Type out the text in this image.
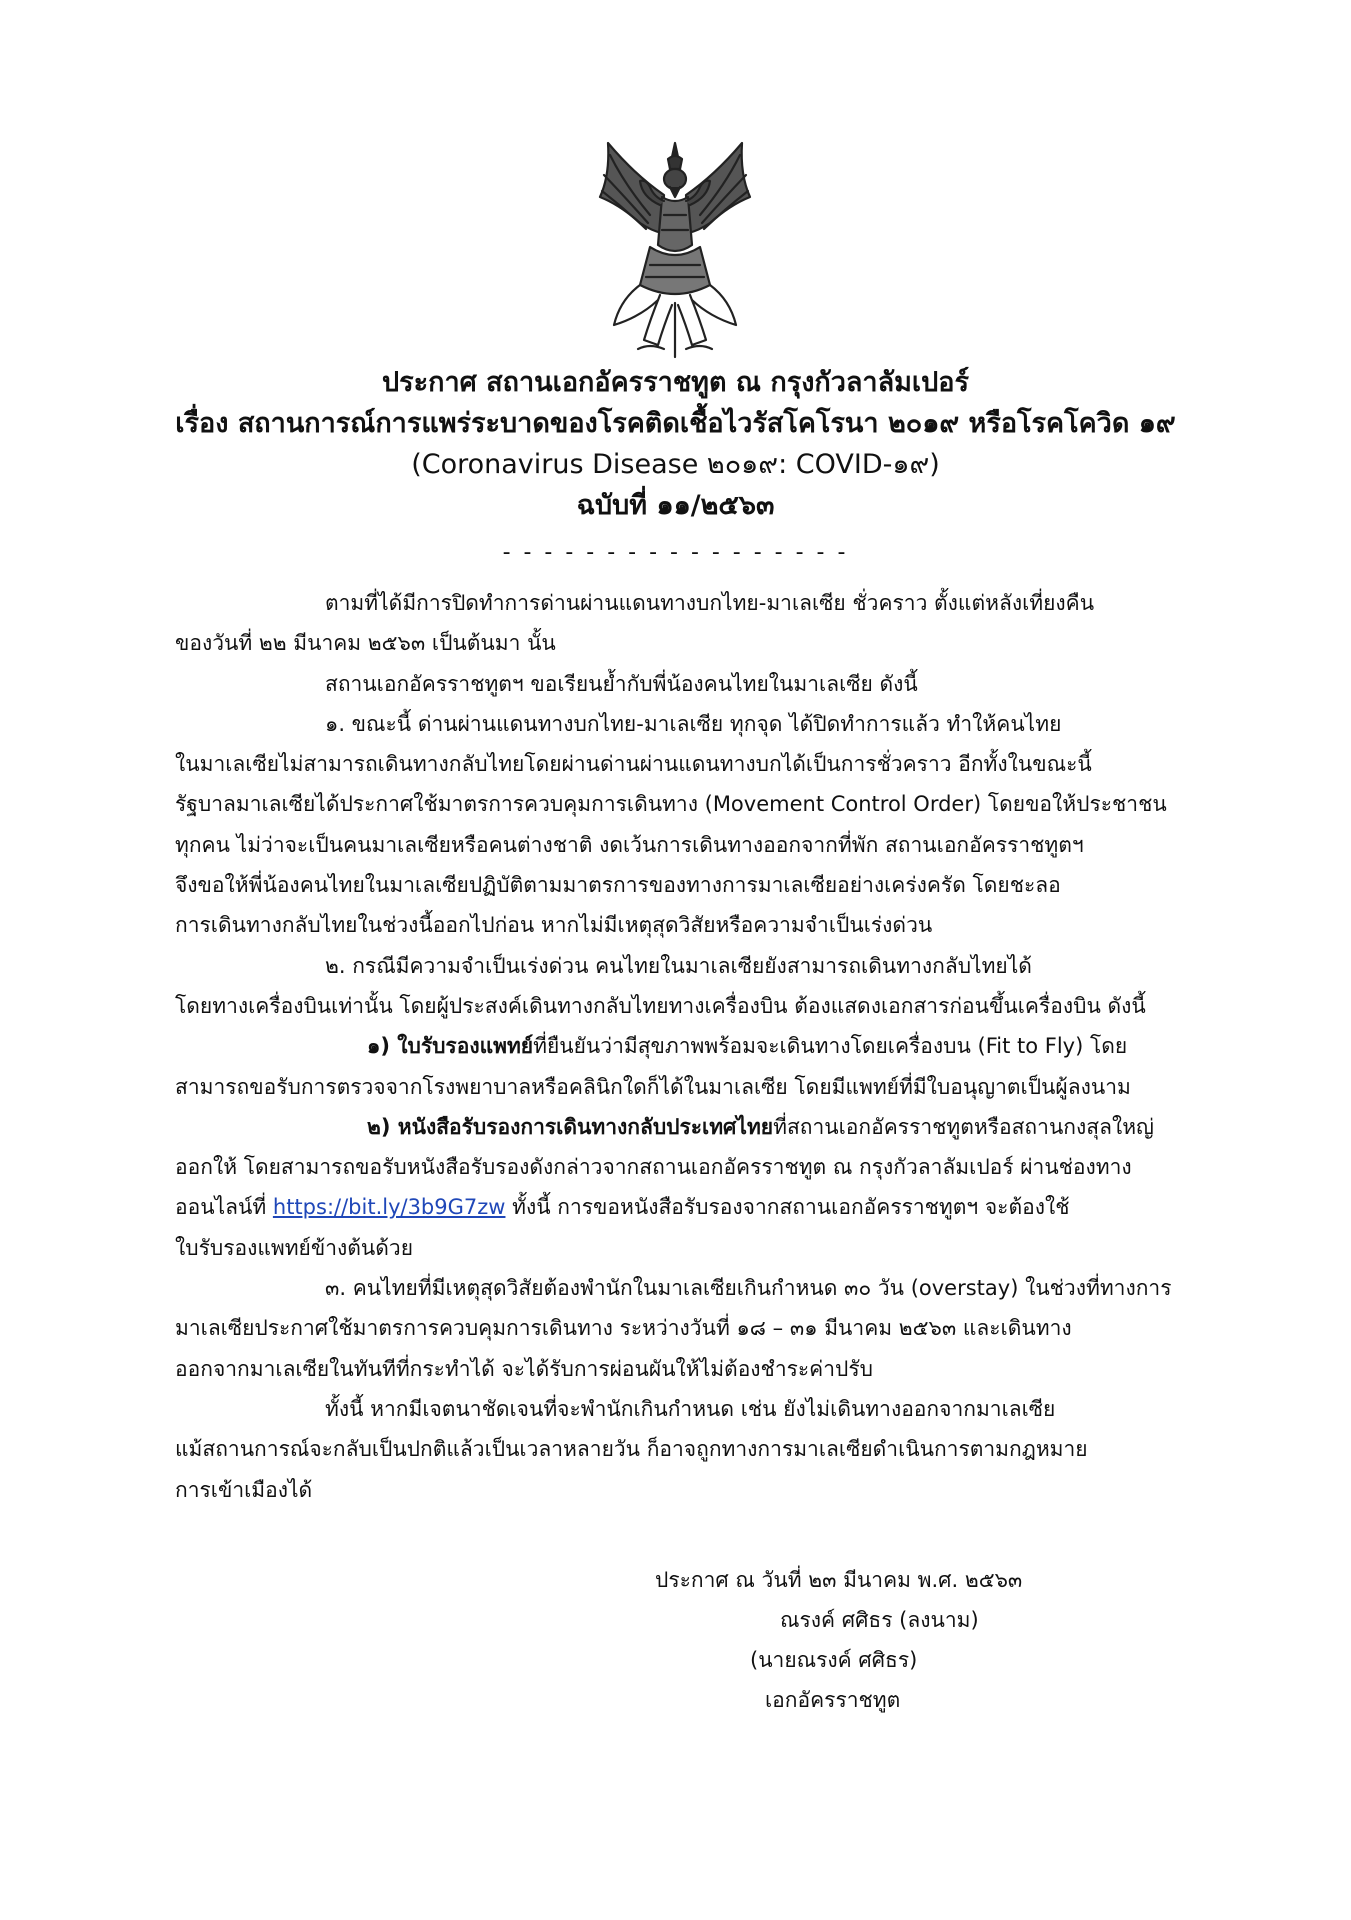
ประกาศ สถานเอกอัครราชทูต ณ กรุงกัวลาลัมเปอร์
เรื่อง สถานการณ์การแพร่ระบาดของโรคติดเชื้อไวรัสโคโรนา ๒๐๑๙ หรือโรคโควิด ๑๙
(Coronavirus Disease ๒๐๑๙: COVID-๑๙)
ฉบับที่ ๑๑/๒๕๖๓
- - - - - - - - - - - - - - - - -
ตามที่ได้มีการปิดทำการด่านผ่านแดนทางบกไทย-มาเลเซีย ชั่วคราว ตั้งแต่หลังเที่ยงคืน
ของวันที่ ๒๒ มีนาคม ๒๕๖๓ เป็นต้นมา นั้น
สถานเอกอัครราชทูตฯ ขอเรียนย้ำกับพี่น้องคนไทยในมาเลเซีย ดังนี้
๑. ขณะนี้ ด่านผ่านแดนทางบกไทย-มาเลเซีย ทุกจุด ได้ปิดทำการแล้ว ทำให้คนไทย
ในมาเลเซียไม่สามารถเดินทางกลับไทยโดยผ่านด่านผ่านแดนทางบกได้เป็นการชั่วคราว อีกทั้งในขณะนี้
รัฐบาลมาเลเซียได้ประกาศใช้มาตรการควบคุมการเดินทาง (Movement Control Order) โดยขอให้ประชาชน
ทุกคน ไม่ว่าจะเป็นคนมาเลเซียหรือคนต่างชาติ งดเว้นการเดินทางออกจากที่พัก สถานเอกอัครราชทูตฯ
จึงขอให้พี่น้องคนไทยในมาเลเซียปฏิบัติตามมาตรการของทางการมาเลเซียอย่างเคร่งครัด โดยชะลอ
การเดินทางกลับไทยในช่วงนี้ออกไปก่อน หากไม่มีเหตุสุดวิสัยหรือความจำเป็นเร่งด่วน
๒. กรณีมีความจำเป็นเร่งด่วน คนไทยในมาเลเซียยังสามารถเดินทางกลับไทยได้
โดยทางเครื่องบินเท่านั้น โดยผู้ประสงค์เดินทางกลับไทยทางเครื่องบิน ต้องแสดงเอกสารก่อนขึ้นเครื่องบิน ดังนี้
๑) ใบรับรองแพทย์ที่ยืนยันว่ามีสุขภาพพร้อมจะเดินทางโดยเครื่องบน (Fit to Fly) โดย
สามารถขอรับการตรวจจากโรงพยาบาลหรือคลินิกใดก็ได้ในมาเลเซีย โดยมีแพทย์ที่มีใบอนุญาตเป็นผู้ลงนาม
๒) หนังสือรับรองการเดินทางกลับประเทศไทยที่สถานเอกอัครราชทูตหรือสถานกงสุลใหญ่
ออกให้ โดยสามารถขอรับหนังสือรับรองดังกล่าวจากสถานเอกอัครราชทูต ณ กรุงกัวลาลัมเปอร์ ผ่านช่องทาง
ออนไลน์ที่ https://bit.ly/3b9G7zw ทั้งนี้ การขอหนังสือรับรองจากสถานเอกอัครราชทูตฯ จะต้องใช้
ใบรับรองแพทย์ข้างต้นด้วย
๓. คนไทยที่มีเหตุสุดวิสัยต้องพำนักในมาเลเซียเกินกำหนด ๓๐ วัน (overstay) ในช่วงที่ทางการ
มาเลเซียประกาศใช้มาตรการควบคุมการเดินทาง ระหว่างวันที่ ๑๘ – ๓๑ มีนาคม ๒๕๖๓ และเดินทาง
ออกจากมาเลเซียในทันทีที่กระทำได้ จะได้รับการผ่อนผันให้ไม่ต้องชำระค่าปรับ
ทั้งนี้ หากมีเจตนาชัดเจนที่จะพำนักเกินกำหนด เช่น ยังไม่เดินทางออกจากมาเลเซีย
แม้สถานการณ์จะกลับเป็นปกติแล้วเป็นเวลาหลายวัน ก็อาจถูกทางการมาเลเซียดำเนินการตามกฎหมาย
การเข้าเมืองได้
ประกาศ ณ วันที่ ๒๓ มีนาคม พ.ศ. ๒๕๖๓
ณรงค์ ศศิธร (ลงนาม)
(นายณรงค์ ศศิธร)
เอกอัครราชทูต
